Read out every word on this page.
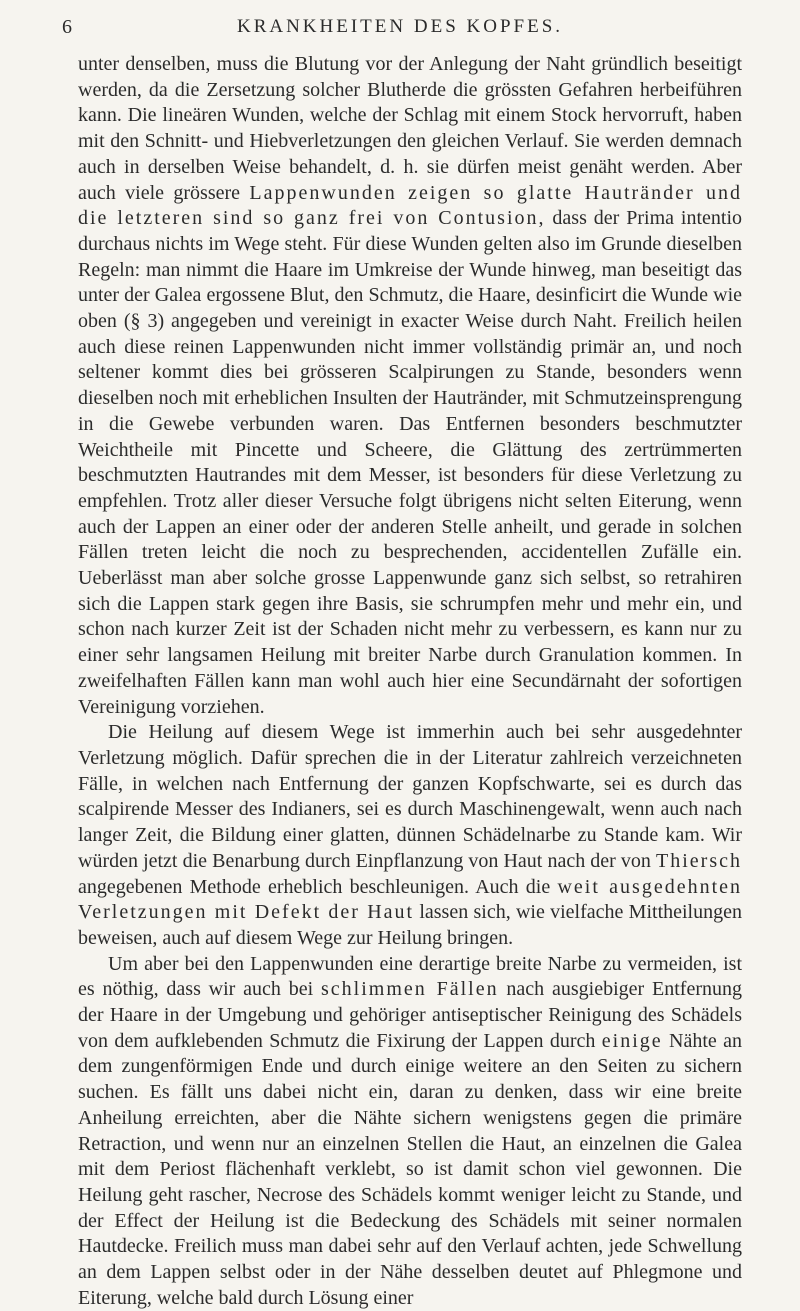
6	KRANKHEITEN DES KOPFES.

unter denselben, muss die Blutung vor der Anlegung der Naht gründlich beseitigt werden, da die Zersetzung solcher Blutherde die grössten Gefahren herbeiführen kann. Die lineären Wunden, welche der Schlag mit einem Stock hervorruft, haben mit den Schnitt- und Hiebverletzungen den gleichen Verlauf. Sie werden demnach auch in derselben Weise behandelt, d. h. sie dürfen meist genäht werden. Aber auch viele grössere Lappenwunden zeigen so glatte Hautränder und die letzteren sind so ganz frei von Contusion, dass der Prima intentio durchaus nichts im Wege steht. Für diese Wunden gelten also im Grunde dieselben Regeln: man nimmt die Haare im Umkreise der Wunde hinweg, man beseitigt das unter der Galea ergossene Blut, den Schmutz, die Haare, desinficirt die Wunde wie oben (§ 3) angegeben und vereinigt in exacter Weise durch Naht. Freilich heilen auch diese reinen Lappenwunden nicht immer vollständig primär an, und noch seltener kommt dies bei grösseren Scalpirungen zu Stande, besonders wenn dieselben noch mit erheblichen Insulten der Hautränder, mit Schmutzeinsprengung in die Gewebe verbunden waren. Das Entfernen besonders beschmutzter Weichtheile mit Pincette und Scheere, die Glättung des zertrümmerten beschmutzten Hautrandes mit dem Messer, ist besonders für diese Verletzung zu empfehlen. Trotz aller dieser Versuche folgt übrigens nicht selten Eiterung, wenn auch der Lappen an einer oder der anderen Stelle anheilt, und gerade in solchen Fällen treten leicht die noch zu besprechenden, accidentellen Zufälle ein. Ueberlässt man aber solche grosse Lappenwunde ganz sich selbst, so retrahiren sich die Lappen stark gegen ihre Basis, sie schrumpfen mehr und mehr ein, und schon nach kurzer Zeit ist der Schaden nicht mehr zu verbessern, es kann nur zu einer sehr langsamen Heilung mit breiter Narbe durch Granulation kommen. In zweifelhaften Fällen kann man wohl auch hier eine Secundärnaht der sofortigen Vereinigung vorziehen.

Die Heilung auf diesem Wege ist immerhin auch bei sehr ausgedehnter Verletzung möglich. Dafür sprechen die in der Literatur zahlreich verzeichneten Fälle, in welchen nach Entfernung der ganzen Kopfschwarte, sei es durch das scalpirende Messer des Indianers, sei es durch Maschinengewalt, wenn auch nach langer Zeit, die Bildung einer glatten, dünnen Schädelnarbe zu Stande kam. Wir würden jetzt die Benarbung durch Einpflanzung von Haut nach der von Thiersch angegebenen Methode erheblich beschleunigen. Auch die weit ausgedehnten Verletzungen mit Defekt der Haut lassen sich, wie vielfache Mittheilungen beweisen, auch auf diesem Wege zur Heilung bringen.

Um aber bei den Lappenwunden eine derartige breite Narbe zu vermeiden, ist es nöthig, dass wir auch bei schlimmen Fällen nach ausgiebiger Entfernung der Haare in der Umgebung und gehöriger antiseptischer Reinigung des Schädels von dem aufklebenden Schmutz die Fixirung der Lappen durch einige Nähte an dem zungenförmigen Ende und durch einige weitere an den Seiten zu sichern suchen. Es fällt uns dabei nicht ein, daran zu denken, dass wir eine breite Anheilung erreichten, aber die Nähte sichern wenigstens gegen die primäre Retraction, und wenn nur an einzelnen Stellen die Haut, an einzelnen die Galea mit dem Periost flächenhaft verklebt, so ist damit schon viel gewonnen. Die Heilung geht rascher, Necrose des Schädels kommt weniger leicht zu Stande, und der Effect der Heilung ist die Bedeckung des Schädels mit seiner normalen Hautdecke. Freilich muss man dabei sehr auf den Verlauf achten, jede Schwellung an dem Lappen selbst oder in der Nähe desselben deutet auf Phlegmone und Eiterung, welche bald durch Lösung einer
